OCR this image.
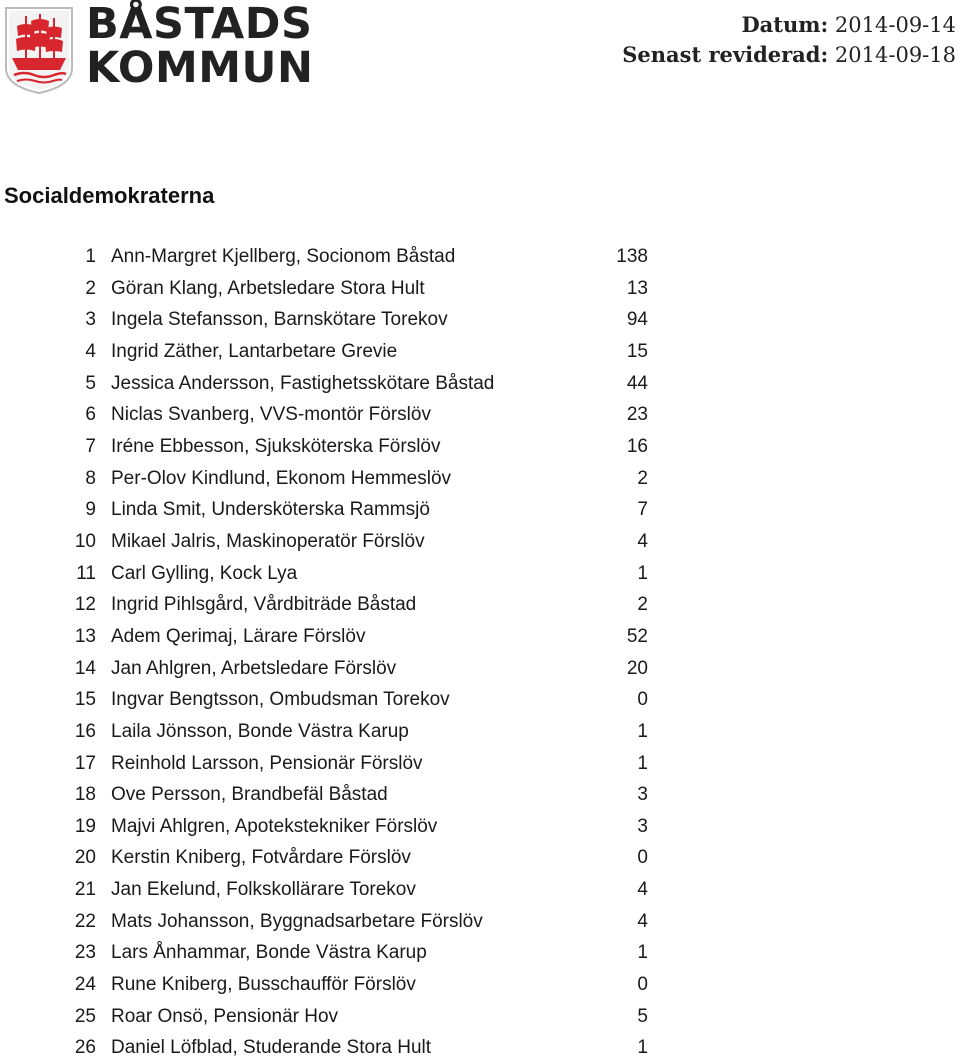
BÅSTADS
KOMMUN
Datum: 2014-09-14
Senast reviderad: 2014-09-18
Socialdemokraterna
1 Ann-Margret Kjellberg, Socionom Båstad	138
2 Göran Klang, Arbetsledare Stora Hult	13
3 Ingela Stefansson, Barnskötare Torekov	94
4 Ingrid Zäther, Lantarbetare Grevie	15
5 Jessica Andersson, Fastighetsskötare Båstad	44
6 Niclas Svanberg, VVS-montör Förslöv	23
7 Iréne Ebbesson, Sjuksköterska Förslöv	16
8 Per-Olov Kindlund, Ekonom Hemmeslöv	2
9 Linda Smit, Undersköterska Rammsjö	7
10 Mikael Jalris, Maskinoperatör Förslöv	4
11 Carl Gylling, Kock Lya	1
12 Ingrid Pihlsgård, Vårdbiträde Båstad	2
13 Adem Qerimaj, Lärare Förslöv	52
14 Jan Ahlgren, Arbetsledare Förslöv	20
15 Ingvar Bengtsson, Ombudsman Torekov	0
16 Laila Jönsson, Bonde Västra Karup	1
17 Reinhold Larsson, Pensionär Förslöv	1
18 Ove Persson, Brandbefäl Båstad	3
19 Majvi Ahlgren, Apotekstekniker Förslöv	3
20 Kerstin Kniberg, Fotvårdare Förslöv	0
21 Jan Ekelund, Folkskollärare Torekov	4
22 Mats Johansson, Byggnadsarbetare Förslöv	4
23 Lars Ånhammar, Bonde Västra Karup	1
24 Rune Kniberg, Busschaufför Förslöv	0
25 Roar Onsö, Pensionär Hov	5
26 Daniel Löfblad, Studerande Stora Hult	1
